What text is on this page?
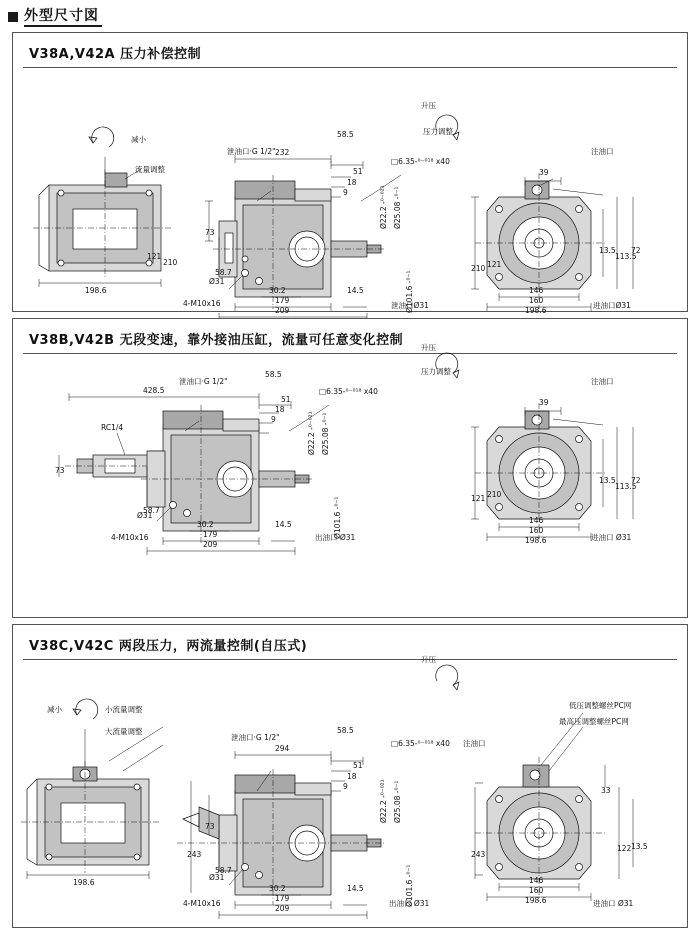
外型尺寸図
V38A,V42A 压力补偿控制
减小
流量调整
升压
压力调整
泄油口·G 1/2"	注油口
□6.35-⁰⁻⁰¹⁸ x40
Ø22.2 -⁰⁻⁰²¹ Ø25.08 -⁰⁻¹
Ø101.6 -⁰⁻¹
Ø31
4-M10x16	泄油口Ø31	进油口Ø31
232
58.5
51
18
9
39
121
210
210 121
73
58.7
30.2
179
209
14.5
198.6	146
160
198.6
13.5
113.5
72
V38B,V42B 无段变速，靠外接油压缸，流量可任意变化控制 升压
压力调整
泄油口·G 1/2"	注油口
□6.35-⁰⁻⁰¹⁸ x40
RC1/4	Ø22.2 -⁰⁻⁰²¹ Ø25.08 -⁰⁻¹
Ø101.6 -⁰⁻¹
Ø31
4-M10x16	出油口 Ø31	进油口 Ø31
428.5
58.5
51
18
9
39
73
58.7
30.2
179
209
14.5
121 210
146
160
198.6
13.5
113.5
72
V38C,V42C 两段压力，两流量控制(自压式)
减小	小流量调整
大流量调整
升压
泄油口·G 1/2"
□6.35-⁰⁻⁰¹⁸ x40 注油口
低压调整螺丝PC网
最高压调整螺丝PC网
Ø22.2 -⁰⁻⁰²¹ Ø25.08 -⁰⁻¹
Ø101.6 -⁰⁻¹
Ø31
4-M10x16	出油口 Ø31	进油口 Ø31
294
58.5
51
18
9
243	243
73
58.7
30.2
179
209
14.5
198.6	146
160
198.6
33
122 13.5
